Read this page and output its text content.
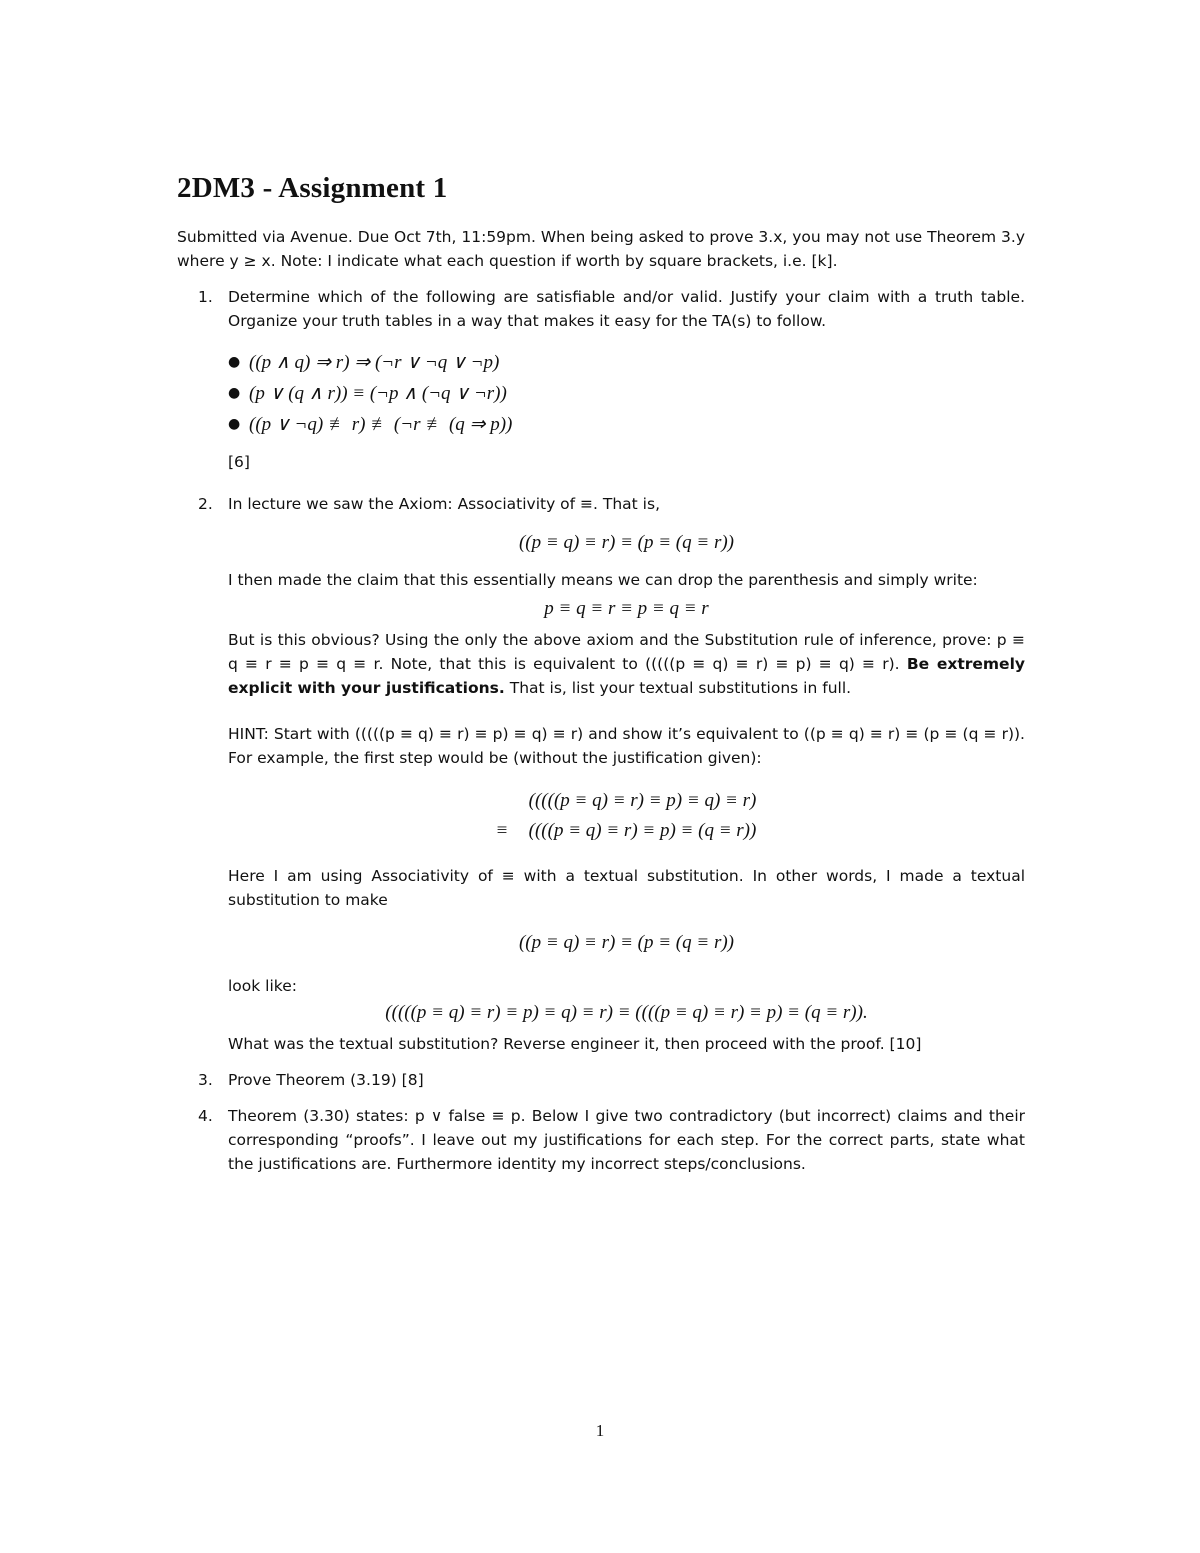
2DM3 - Assignment 1

Submitted via Avenue. Due Oct 7th, 11:59pm. When being asked to prove 3.x, you may not use Theorem 3.y where y ≥ x. Note: I indicate what each question if worth by square brackets, i.e. [k].

1. Determine which of the following are satisfiable and/or valid. Justify your claim with a truth table. Organize your truth tables in a way that makes it easy for the TA(s) to follow.

● ((p ∧ q) ⇒ r) ⇒ (¬r ∨ ¬q ∨ ¬p)
● (p ∨ (q ∧ r)) ≡ (¬p ∧ (¬q ∨ ¬r))
● ((p ∨ ¬q) ≢ r) ≢ (¬r ≢ (q ⇒ p))

[6]

2. In lecture we saw the Axiom: Associativity of ≡. That is,

((p ≡ q) ≡ r) ≡ (p ≡ (q ≡ r))

I then made the claim that this essentially means we can drop the parenthesis and simply write:

p ≡ q ≡ r ≡ p ≡ q ≡ r

But is this obvious? Using the only the above axiom and the Substitution rule of inference, prove: p ≡ q ≡ r ≡ p ≡ q ≡ r. Note, that this is equivalent to (((((p ≡ q) ≡ r) ≡ p) ≡ q) ≡ r). Be extremely explicit with your justifications. That is, list your textual substitutions in full.

HINT: Start with (((((p ≡ q) ≡ r) ≡ p) ≡ q) ≡ r) and show it’s equivalent to ((p ≡ q) ≡ r) ≡ (p ≡ (q ≡ r)). For example, the first step would be (without the justification given):

(((((p ≡ q) ≡ r) ≡ p) ≡ q) ≡ r)
≡	((((p ≡ q) ≡ r) ≡ p) ≡ (q ≡ r))

Here I am using Associativity of ≡ with a textual substitution. In other words, I made a textual substitution to make

((p ≡ q) ≡ r) ≡ (p ≡ (q ≡ r))

look like:

(((((p ≡ q) ≡ r) ≡ p) ≡ q) ≡ r) ≡ ((((p ≡ q) ≡ r) ≡ p) ≡ (q ≡ r)).

What was the textual substitution? Reverse engineer it, then proceed with the proof. [10]

3. Prove Theorem (3.19) [8]

4. Theorem (3.30) states: p ∨ false ≡ p. Below I give two contradictory (but incorrect) claims and their corresponding “proofs”. I leave out my justifications for each step. For the correct parts, state what the justifications are. Furthermore identity my incorrect steps/conclusions.

1
